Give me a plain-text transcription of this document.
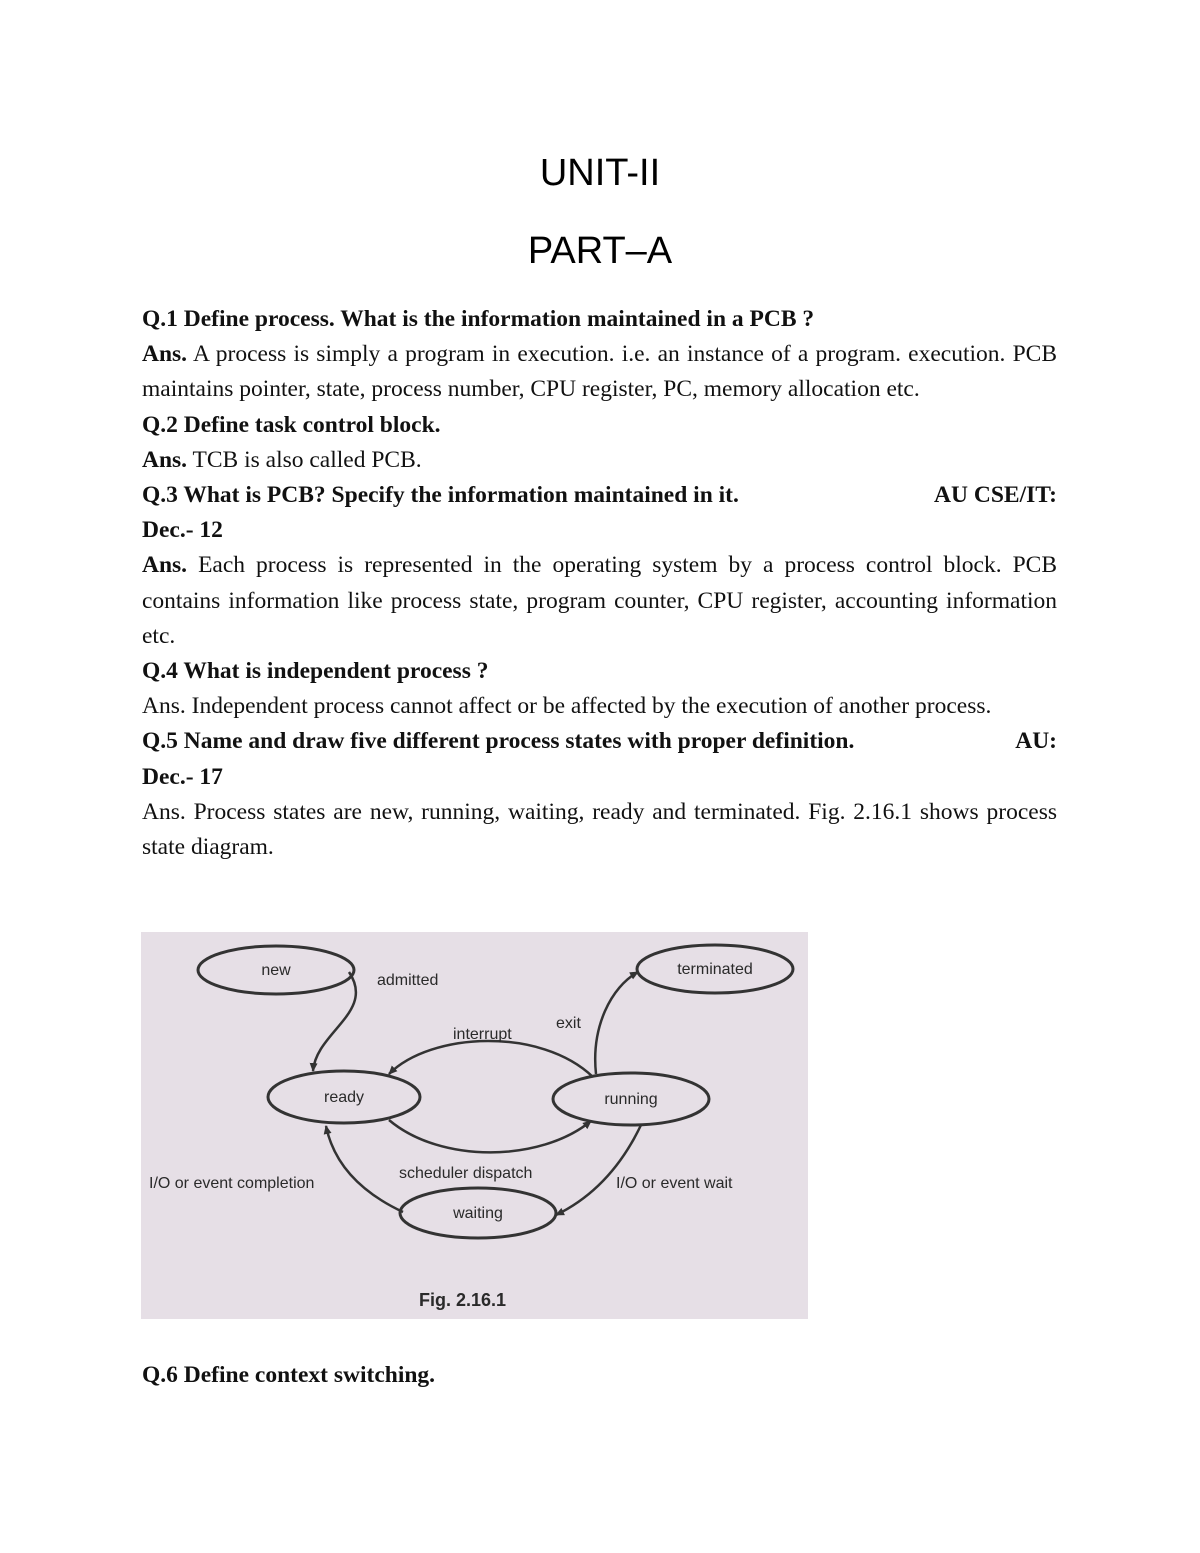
UNIT-II
PART–A

Q.1 Define process. What is the information maintained in a PCB ?

Ans. A process is simply a program in execution. i.e. an instance of a program. execution. PCB maintains pointer, state, process number, CPU register, PC, memory allocation etc.

Q.2 Define task control block.

Ans. TCB is also called PCB.

AU CSE/IT:
Q.3 What is PCB? Specify the information maintained in it.

Dec.- 12

Ans. Each process is represented in the operating system by a process control block. PCB contains information like process state, program counter, CPU register, accounting information etc.

Q.4 What is independent process ?

Ans. Independent process cannot affect or be affected by the execution of another process.

AU:
Q.5 Name and draw five different process states with proper definition.

Dec.- 17

Ans. Process states are new, running, waiting, ready and terminated. Fig. 2.16.1 shows process state diagram.

new	terminated
ready	running
waiting
admitted
exit
interrupt
scheduler dispatch
I/O or event completion	I/O or event wait
Fig. 2.16.1

Q.6 Define context switching.
